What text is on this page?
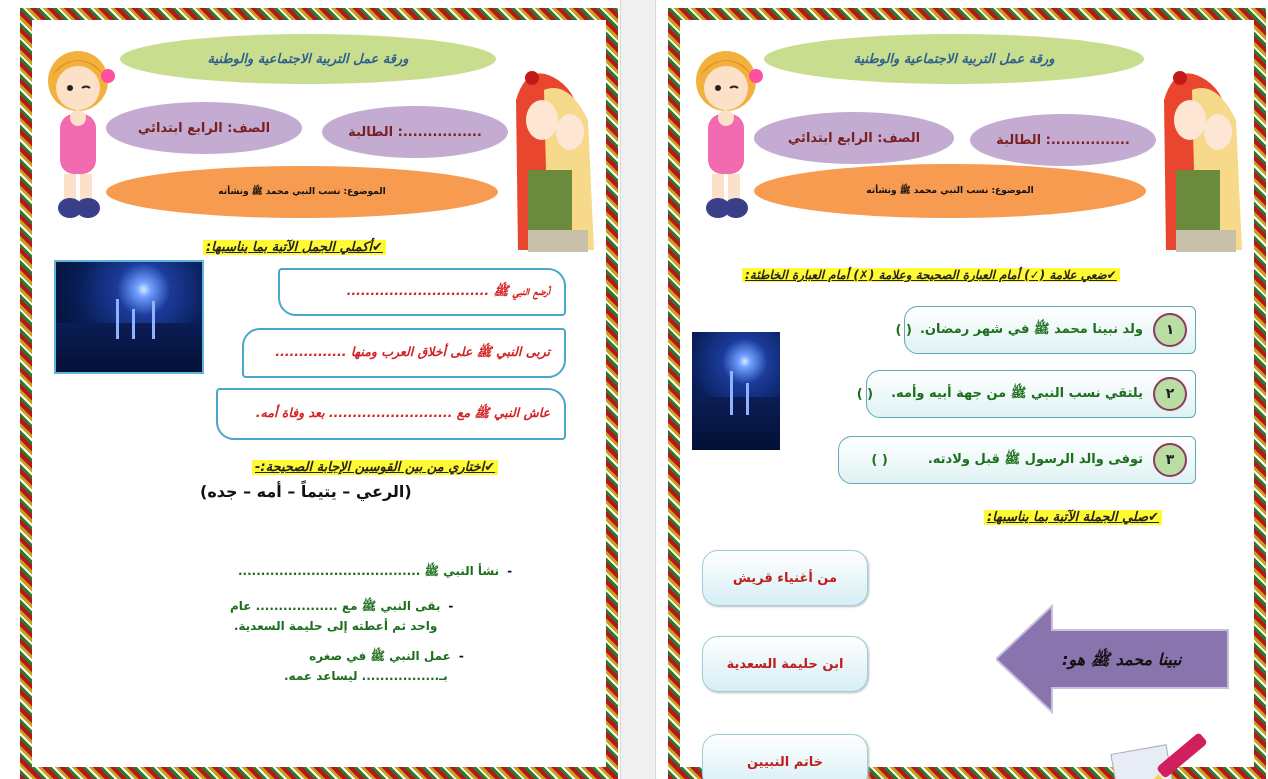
ورقة عمل التربية الاجتماعية والوطنية
الطالبة :................
الصف: الرابع ابتدائي
الموضوع: نسب النبي محمد ﷺ ونشأته
✔أكملي الجمل الآتية بما يناسبها:
أرضع النبي ﷺ ..............................
تربى النبي ﷺ على أخلاق العرب ومنها ...............
عاش النبي ﷺ مع .......................... بعد وفاة أمه.
✔اختاري من بين القوسين الإجابة الصحيحة:-
(الرعي – يتيماً – أمه – جده)
-نشأ النبي ﷺ ........................................
-بقى النبي ﷺ مع .................. عام
واحد ثم أعطته إلى حليمة السعدية.
-عمل النبي ﷺ في صغره
بـ................. ليساعد عمه.
ورقة عمل التربية الاجتماعية والوطنية
الطالبة :................
الصف: الرابع ابتدائي
الموضوع: نسب النبي محمد ﷺ ونشأته
✔ضعي علامة (✓) أمام العبارة الصحيحة وعلامة (✗) أمام العبارة الخاطئة:
١
ولد نبينا محمد ﷺ في شهر رمضان.
( )
٢
يلتقي نسب النبي ﷺ من جهة أبيه وأمه.
( )
٣
توفى والد الرسول ﷺ قبل ولادته.
( )
✔صلي الجملة الآتية بما يناسبها:
من أغنياء قريش
ابن حليمة السعدية
خاتم النبيين
نبينا محمد ﷺ هو:
